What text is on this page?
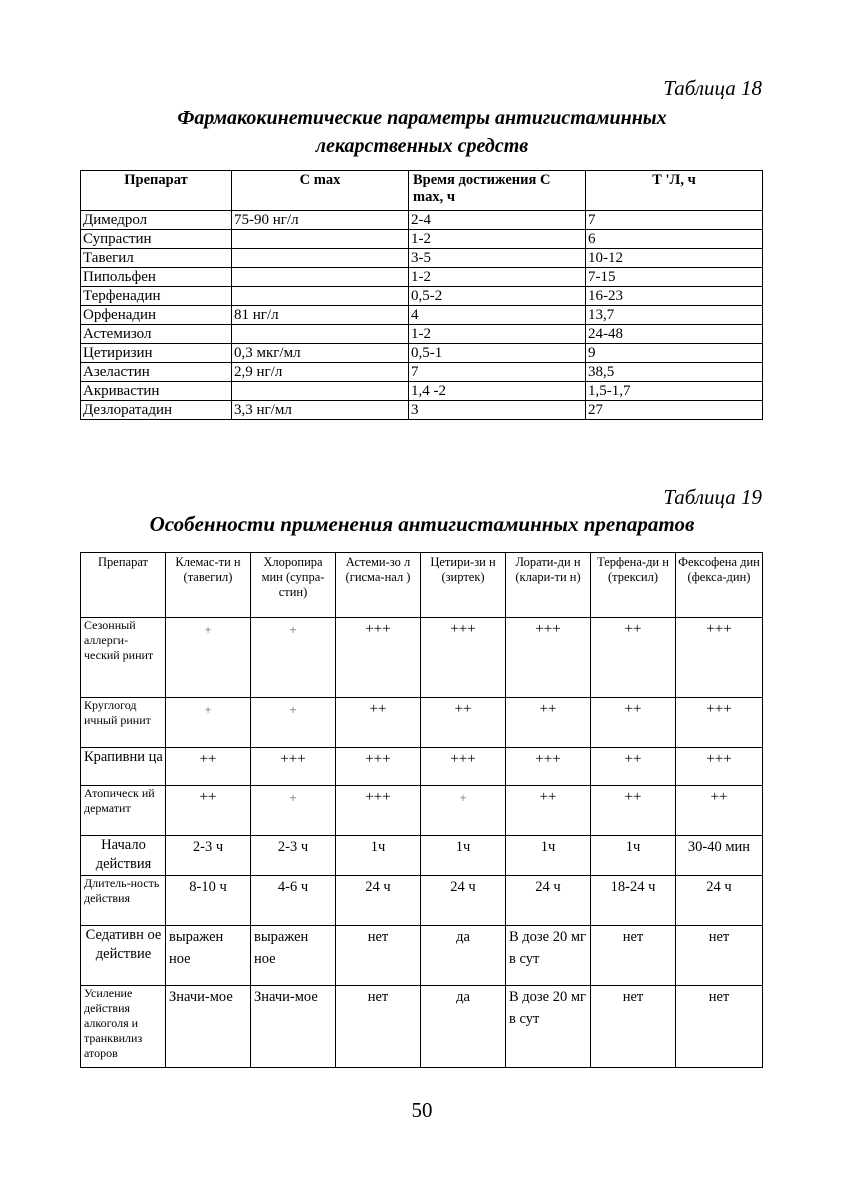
Таблица 18
Фармакокинетические параметры антигистаминных
лекарственных средств
Препарат	С max	Время достижения С max, ч	Т 'Л, ч
Димедрол	75-90 нг/л	2-4	7
Супрастин		1-2	6
Тавегил		3-5	10-12
Пипольфен		1-2	7-15
Терфенадин		0,5-2	16-23
Орфенадин	81 нг/л	4	13,7
Астемизол		1-2	24-48
Цетиризин	0,3 мкг/мл	0,5-1	9
Азеластин	2,9 нг/л	7	38,5
Акривастин		1,4 -2	1,5-1,7
Дезлоратадин	3,3 нг/мл	3	27
Таблица 19
Особенности применения антигистаминных препаратов
Препарат	Клемас-ти н (тавегил)	Хлоропира мин (супра-стин)	Астеми-зо л (гисма-нал )	Цетири-зи н (зиртек)	Лорати-ди н (клари-ти н)	Терфена-ди н (трексил)	Фексофена дин (фекса-дин)
Сезонный аллерги-ческий ринит	+	+	+++	+++	+++	++	+++
Круглогод ичный ринит	+	+	++	++	++	++	+++
Крапивни ца	++	+++	+++	+++	+++	++	+++
Атопическ ий дерматит	++	+	+++	+	++	++	++
Начало действия	2-3 ч	2-3 ч	1ч	1ч	1ч	1ч	30-40 мин
Длитель-ность действия	8-10 ч	4-6 ч	24 ч	24 ч	24 ч	18-24 ч	24 ч
Седативн ое действие	выражен ное	выражен ное	нет	да	В дозе 20 мг в сут	нет	нет
Усиление действия алкоголя и транквилиз аторов	Значи-мое	Значи-мое	нет	да	В дозе 20 мг в сут	нет	нет
50
